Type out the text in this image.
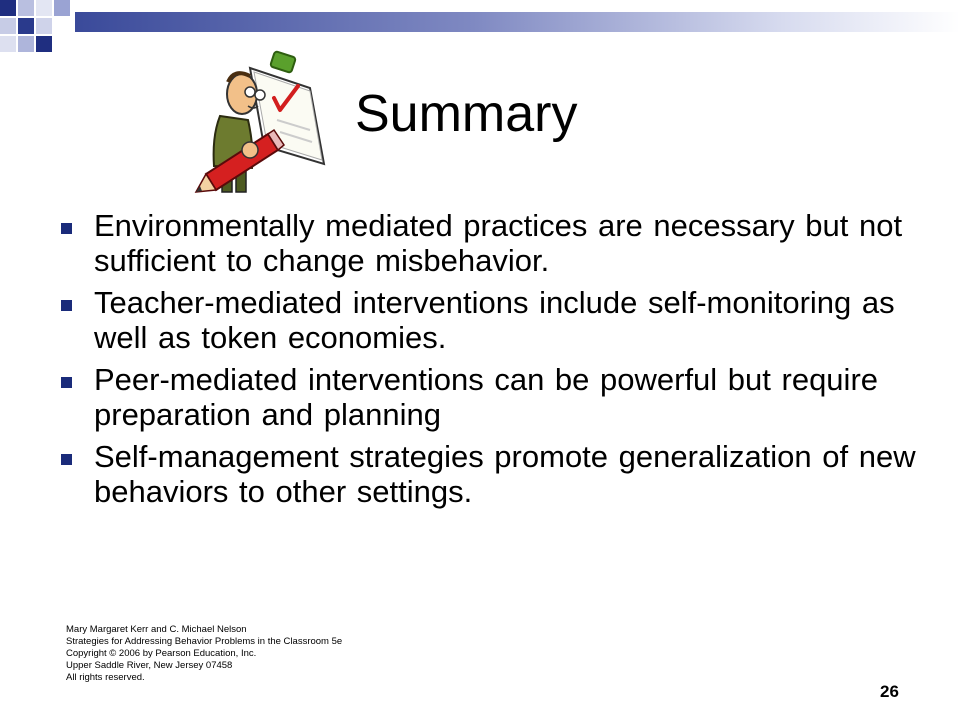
Summary
Environmentally mediated practices are necessary but not sufficient to change misbehavior.
Teacher-mediated interventions include self-monitoring as well as token economies.
Peer-mediated interventions can be powerful but require preparation and planning
Self-management strategies promote generalization of new behaviors to other settings.
Mary Margaret Kerr and C. Michael Nelson
Strategies for Addressing Behavior Problems in the Classroom 5e
Copyright © 2006 by Pearson Education, Inc.
Upper Saddle River, New Jersey 07458
All rights reserved.
26
